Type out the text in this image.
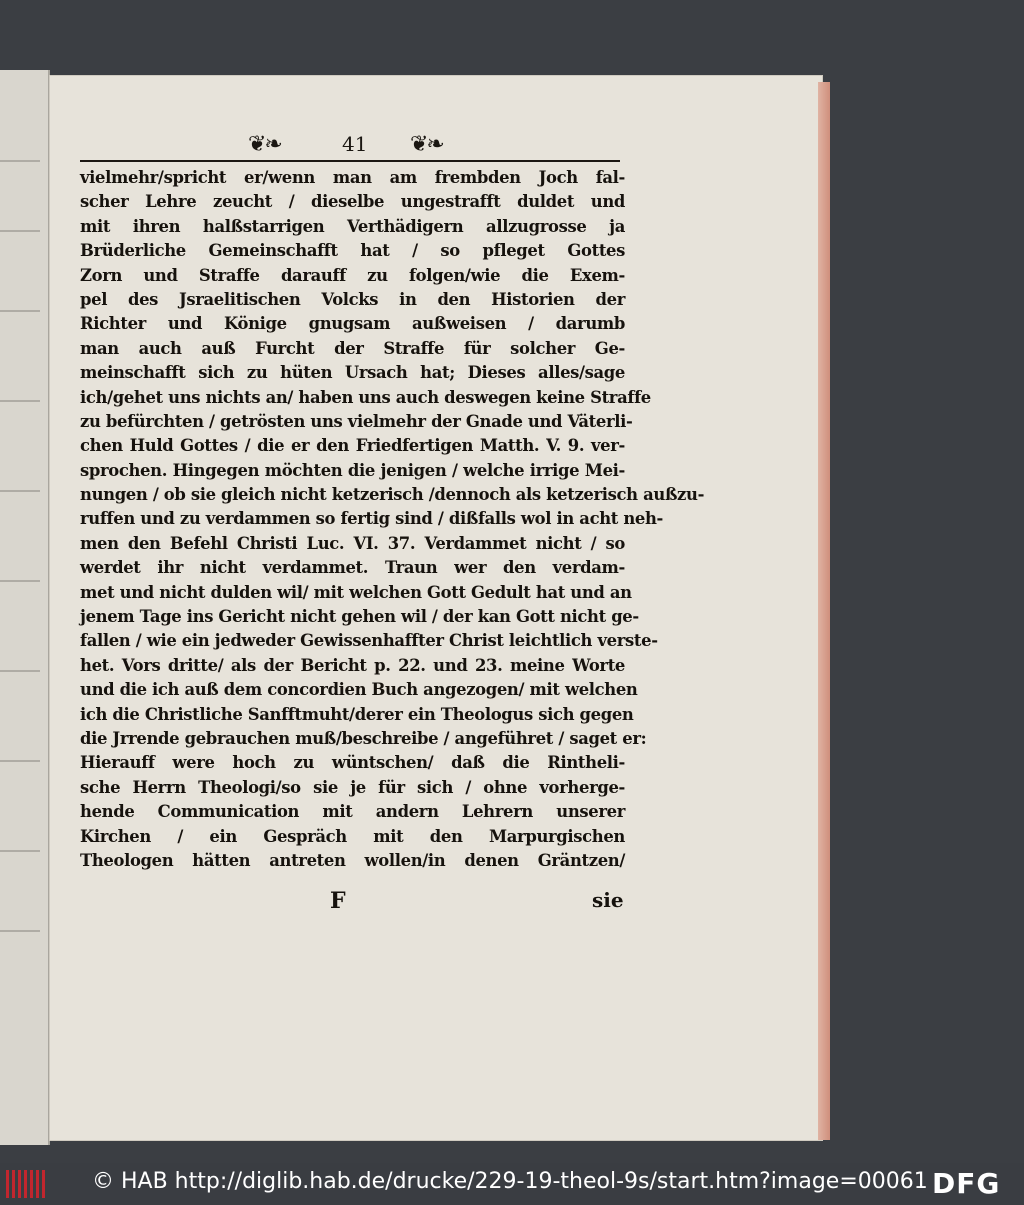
❦❧	41 ❦❧
vielmehr/spricht er/wenn man am frembden Joch fal-
scher Lehre zeucht / dieselbe ungestrafft duldet und
mit ihren halßstarrigen Verthädigern allzugrosse ja
Brüderliche Gemeinschafft hat / so pfleget Gottes
Zorn und Straffe darauff zu folgen/wie die Exem-
pel des Jsraelitischen Volcks in den Historien der
Richter und Könige gnugsam außweisen / darumb
man auch auß Furcht der Straffe für solcher Ge-
meinschafft sich zu hüten Ursach hat; Dieses alles/sage
ich/gehet uns nichts an/ haben uns auch deswegen keine Straffe
zu befürchten / getrösten uns vielmehr der Gnade und Väterli-
chen Huld Gottes / die er den Friedfertigen Matth. V. 9. ver-
sprochen. Hingegen möchten die jenigen / welche irrige Mei-
nungen / ob sie gleich nicht ketzerisch /dennoch als ketzerisch außzu-
ruffen und zu verdammen so fertig sind / dißfalls wol in acht neh-
men den Befehl Christi Luc. VI. 37. Verdammet nicht / so
werdet ihr nicht verdammet. Traun wer den verdam-
met und nicht dulden wil/ mit welchen Gott Gedult hat und an
jenem Tage ins Gericht nicht gehen wil / der kan Gott nicht ge-
fallen / wie ein jedweder Gewissenhaffter Christ leichtlich verste-
het. Vors dritte/ als der Bericht p. 22. und 23. meine Worte
und die ich auß dem concordien Buch angezogen/ mit welchen
ich die Christliche Sanfftmuht/derer ein Theologus sich gegen
die Jrrende gebrauchen muß/beschreibe / angeführet / saget er:
Hierauff were hoch zu wüntschen/ daß die Rintheli-
sche Herrn Theologi/so sie je für sich / ohne vorherge-
hende Communication mit andern Lehrern unserer
Kirchen / ein Gespräch mit den Marpurgischen
Theologen hätten antreten wollen/in denen Gräntzen/
F	sie
© HAB http://diglib.hab.de/drucke/229-19-theol-9s/start.htm?image=00061 DFG
